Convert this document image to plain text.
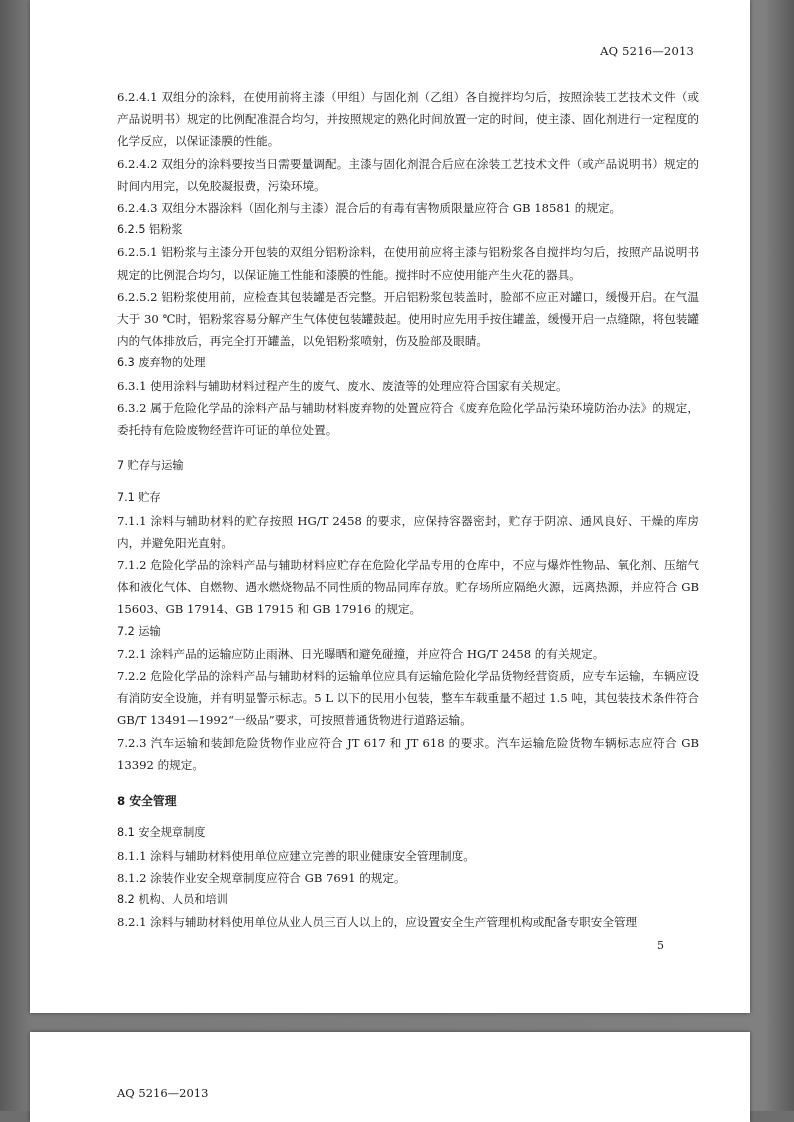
AQ 5216—2013
6.2.4.1 双组分的涂料，在使用前将主漆（甲组）与固化剂（乙组）各自搅拌均匀后，按照涂装工艺技术文件（或产品说明书）规定的比例配准混合均匀，并按照规定的熟化时间放置一定的时间，使主漆、固化剂进行一定程度的化学反应，以保证漆膜的性能。
6.2.4.2 双组分的涂料要按当日需要量调配。主漆与固化剂混合后应在涂装工艺技术文件（或产品说明书）规定的时间内用完，以免胶凝报费，污染环境。
6.2.4.3 双组分木器涂料（固化剂与主漆）混合后的有毒有害物质限量应符合 GB 18581 的规定。
6.2.5 铝粉浆
6.2.5.1 铝粉浆与主漆分开包装的双组分铝粉涂料，在使用前应将主漆与铝粉浆各自搅拌均匀后，按照产品说明书规定的比例混合均匀，以保证施工性能和漆膜的性能。搅拌时不应使用能产生火花的器具。
6.2.5.2 铝粉浆使用前，应检查其包装罐是否完整。开启铝粉浆包装盖时，脸部不应正对罐口，缓慢开启。在气温大于 30 ℃时，铝粉浆容易分解产生气体使包装罐鼓起。使用时应先用手按住罐盖，缓慢开启一点缝隙，将包装罐内的气体排放后，再完全打开罐盖，以免铝粉浆喷射，伤及脸部及眼睛。
6.3 废弃物的处理
6.3.1 使用涂料与辅助材料过程产生的废气、废水、废渣等的处理应符合国家有关规定。
6.3.2 属于危险化学品的涂料产品与辅助材料废弃物的处置应符合《废弃危险化学品污染环境防治办法》的规定，委托持有危险废物经营许可证的单位处置。
7 贮存与运输
7.1 贮存
7.1.1 涂料与辅助材料的贮存按照 HG/T 2458 的要求，应保持容器密封，贮存于阴凉、通风良好、干燥的库房内，并避免阳光直射。
7.1.2 危险化学品的涂料产品与辅助材料应贮存在危险化学品专用的仓库中，不应与爆炸性物品、氧化剂、压缩气体和液化气体、自燃物、遇水燃烧物品不同性质的物品同库存放。贮存场所应隔绝火源，远离热源，并应符合 GB 15603、GB 17914、GB 17915 和 GB 17916 的规定。
7.2 运输
7.2.1 涂料产品的运输应防止雨淋、日光曝晒和避免碰撞，并应符合 HG/T 2458 的有关规定。
7.2.2 危险化学品的涂料产品与辅助材料的运输单位应具有运输危险化学品货物经营资质，应专车运输，车辆应设有消防安全设施，并有明显警示标志。5 L 以下的民用小包装，整车车载重量不超过 1.5 吨，其包装技术条件符合 GB/T 13491—1992“一级品”要求，可按照普通货物进行道路运输。
7.2.3 汽车运输和装卸危险货物作业应符合 JT 617 和 JT 618 的要求。汽车运输危险货物车辆标志应符合 GB 13392 的规定。
8 安全管理
8.1 安全规章制度
8.1.1 涂料与辅助材料使用单位应建立完善的职业健康安全管理制度。
8.1.2 涂装作业安全规章制度应符合 GB 7691 的规定。
8.2 机构、人员和培训
8.2.1 涂料与辅助材料使用单位从业人员三百人以上的，应设置安全生产管理机构或配备专职安全管理
5
AQ 5216—2013
